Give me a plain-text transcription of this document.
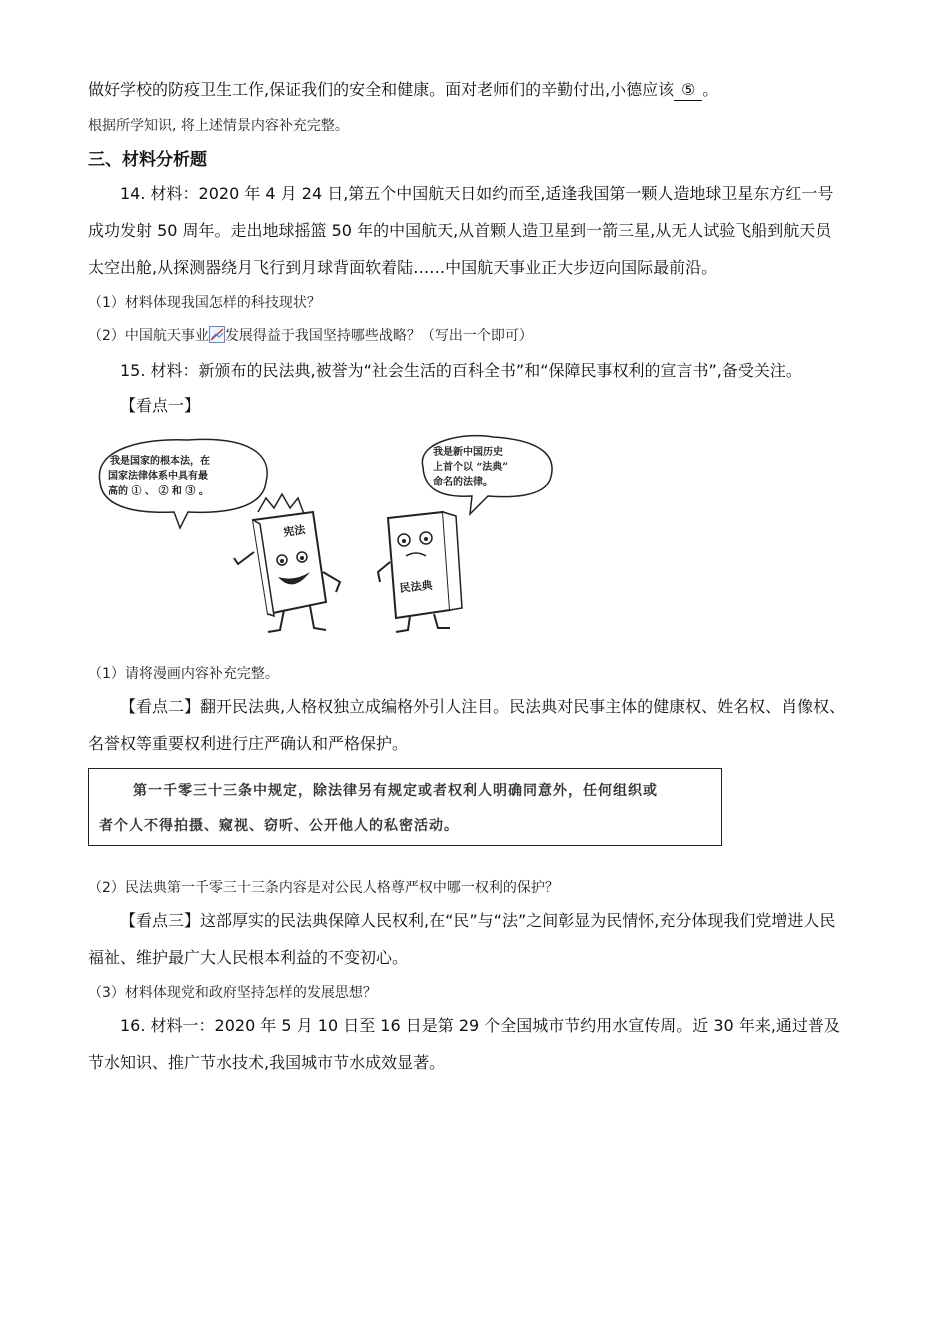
做好学校的防疫卫生工作,保证我们的安全和健康。面对老师们的辛勤付出,小德应该 ⑤ 。
根据所学知识, 将上述情景内容补充完整。
三、材料分析题
14. 材料：2020 年 4 月 24 日,第五个中国航天日如约而至,适逢我国第一颗人造地球卫星东方红一号
成功发射 50 周年。走出地球摇篮 50 年的中国航天,从首颗人造卫星到一箭三星,从无人试验飞船到航天员
太空出舱,从探测器绕月飞行到月球背面软着陆……中国航天事业正大步迈向国际最前沿。
（1）材料体现我国怎样的科技现状？
（2）中国航天事业 发展得益于我国坚持哪些战略？（写出一个即可）
15. 材料：新颁布的民法典,被誉为“社会生活的百科全书”和“保障民事权利的宣言书”,备受关注。
【看点一】
我是国家的根本法，在
国家法律体系中具有最
高的 ① 、 ② 和 ③ 。
我是新中国历史
上首个以 “法典”
命名的法律。
宪法
民法典
（1）请将漫画内容补充完整。
【看点二】翻开民法典,人格权独立成编格外引人注目。民法典对民事主体的健康权、姓名权、肖像权、
名誉权等重要权利进行庄严确认和严格保护。
第一千零三十三条中规定，除法律另有规定或者权利人明确同意外，任何组织或
者个人不得拍摄、窥视、窃听、公开他人的私密活动。
（2）民法典第一千零三十三条内容是对公民人格尊严权中哪一权利的保护？
【看点三】这部厚实的民法典保障人民权利,在“民”与“法”之间彰显为民情怀,充分体现我们党增进人民
福祉、维护最广大人民根本利益的不变初心。
（3）材料体现党和政府坚持怎样的发展思想？
16. 材料一：2020 年 5 月 10 日至 16 日是第 29 个全国城市节约用水宣传周。近 30 年来,通过普及
节水知识、推广节水技术,我国城市节水成效显著。
